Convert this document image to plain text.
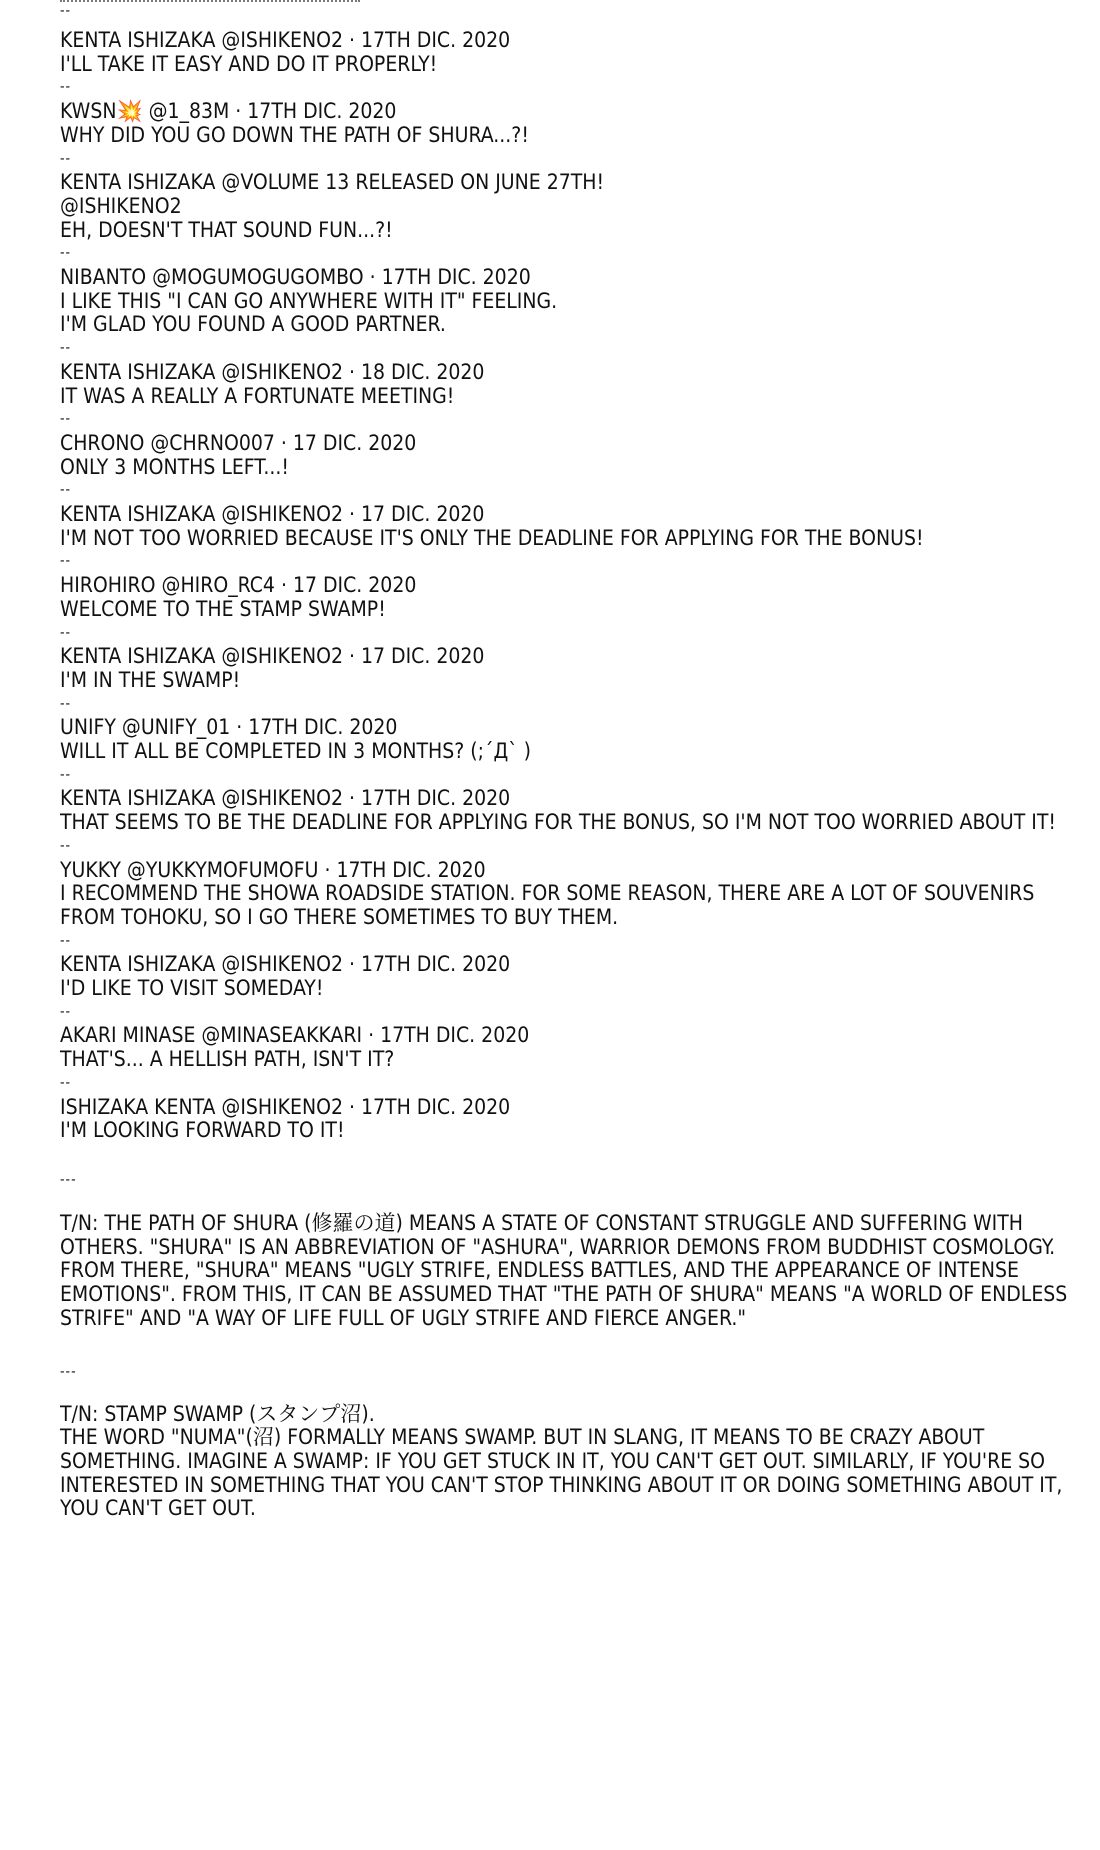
--
KENTA ISHIZAKA @ISHIKENO2 · 17TH DIC. 2020
I'LL TAKE IT EASY AND DO IT PROPERLY!
--
KWSN⁠⁠💥 @1_83M · 17TH DIC. 2020
WHY DID YOU GO DOWN THE PATH OF SHURA...?!
--
KENTA ISHIZAKA @VOLUME 13 RELEASED ON JUNE 27TH!
@ISHIKENO2
EH, DOESN'T THAT SOUND FUN...?!
--
NIBANTO @MOGUMOGUGOMBO · 17TH DIC. 2020
I LIKE THIS "I CAN GO ANYWHERE WITH IT" FEELING.
I'M GLAD YOU FOUND A GOOD PARTNER.
--
KENTA ISHIZAKA @ISHIKENO2 · 18 DIC. 2020
IT WAS A REALLY A FORTUNATE MEETING!
--
CHRONO @CHRNO007 · 17 DIC. 2020
ONLY 3 MONTHS LEFT...!
--
KENTA ISHIZAKA @ISHIKENO2 · 17 DIC. 2020
I'M NOT TOO WORRIED BECAUSE IT'S ONLY THE DEADLINE FOR APPLYING FOR THE BONUS!
--
HIROHIRO @HIRO_RC4 · 17 DIC. 2020
WELCOME TO THE STAMP SWAMP!
--
KENTA ISHIZAKA @ISHIKENO2 · 17 DIC. 2020
I'M IN THE SWAMP!
--
UNIFY @UNIFY_01 · 17TH DIC. 2020
WILL IT ALL BE COMPLETED IN 3 MONTHS? (;´Д` )
--
KENTA ISHIZAKA @ISHIKENO2 · 17TH DIC. 2020
THAT SEEMS TO BE THE DEADLINE FOR APPLYING FOR THE BONUS, SO I'M NOT TOO WORRIED ABOUT IT!
--
YUKKY @YUKKYMOFUMOFU · 17TH DIC. 2020
I RECOMMEND THE SHOWA ROADSIDE STATION. FOR SOME REASON, THERE ARE A LOT OF SOUVENIRS
FROM TOHOKU, SO I GO THERE SOMETIMES TO BUY THEM.
--
KENTA ISHIZAKA @ISHIKENO2 · 17TH DIC. 2020
I'D LIKE TO VISIT SOMEDAY!
--
AKARI MINASE @MINASEAKKARI · 17TH DIC. 2020
THAT'S... A HELLISH PATH, ISN'T IT?
--
ISHIZAKA KENTA @ISHIKENO2 · 17TH DIC. 2020
I'M LOOKING FORWARD TO IT!
---
T/N: THE PATH OF SHURA (修羅の道) MEANS A STATE OF CONSTANT STRUGGLE AND SUFFERING WITH
OTHERS. "SHURA" IS AN ABBREVIATION OF "ASHURA", WARRIOR DEMONS FROM BUDDHIST COSMOLOGY.
FROM THERE, "SHURA" MEANS "UGLY STRIFE, ENDLESS BATTLES, AND THE APPEARANCE OF INTENSE
EMOTIONS". FROM THIS, IT CAN BE ASSUMED THAT "THE PATH OF SHURA" MEANS "A WORLD OF ENDLESS
STRIFE" AND "A WAY OF LIFE FULL OF UGLY STRIFE AND FIERCE ANGER."
---
T/N: STAMP SWAMP (スタンプ沼).
THE WORD "NUMA"(沼) FORMALLY MEANS SWAMP. BUT IN SLANG, IT MEANS TO BE CRAZY ABOUT
SOMETHING. IMAGINE A SWAMP: IF YOU GET STUCK IN IT, YOU CAN'T GET OUT. SIMILARLY, IF YOU'RE SO
INTERESTED IN SOMETHING THAT YOU CAN'T STOP THINKING ABOUT IT OR DOING SOMETHING ABOUT IT,
YOU CAN'T GET OUT.
